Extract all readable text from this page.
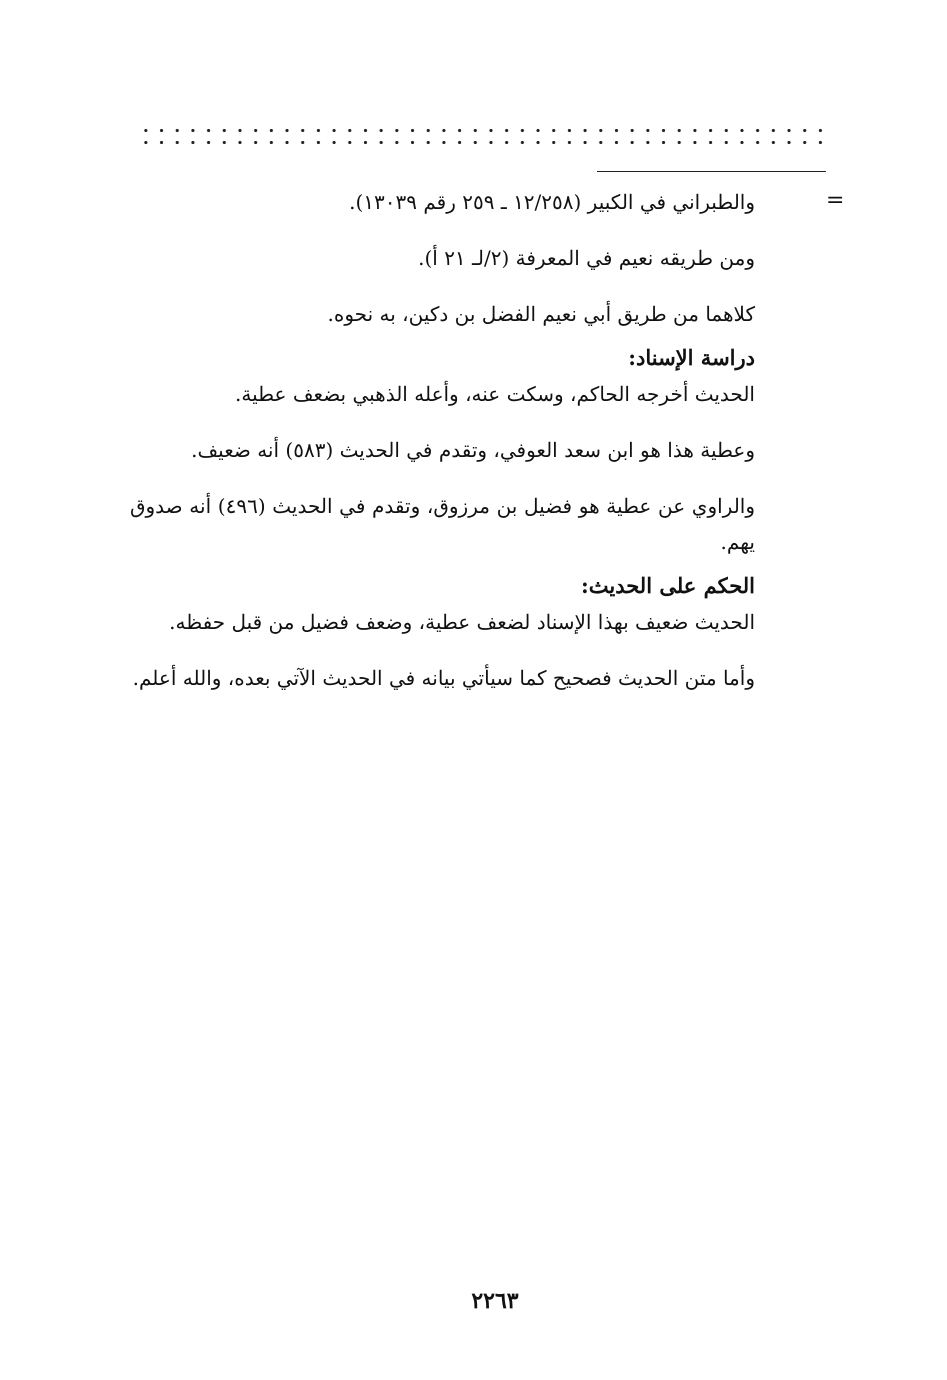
=

والطبراني في الكبير (١٢/٢٥٨ ـ ٢٥٩ رقم ١٣٠٣٩).

ومن طريقه نعيم في المعرفة (٢/لـ ٢١ أ).

كلاهما من طريق أبي نعيم الفضل بن دكين، به نحوه.

دراسة الإسناد:

الحديث أخرجه الحاكم، وسكت عنه، وأعله الذهبي بضعف عطية.

وعطية هذا هو ابن سعد العوفي، وتقدم في الحديث (٥٨٣) أنه ضعيف.

والراوي عن عطية هو فضيل بن مرزوق، وتقدم في الحديث (٤٩٦) أنه صدوق يهم.

الحكم على الحديث:

الحديث ضعيف بهذا الإسناد لضعف عطية، وضعف فضيل من قبل حفظه.

وأما متن الحديث فصحيح كما سيأتي بيانه في الحديث الآتي بعده، والله أعلم.

٢٢٦٣
